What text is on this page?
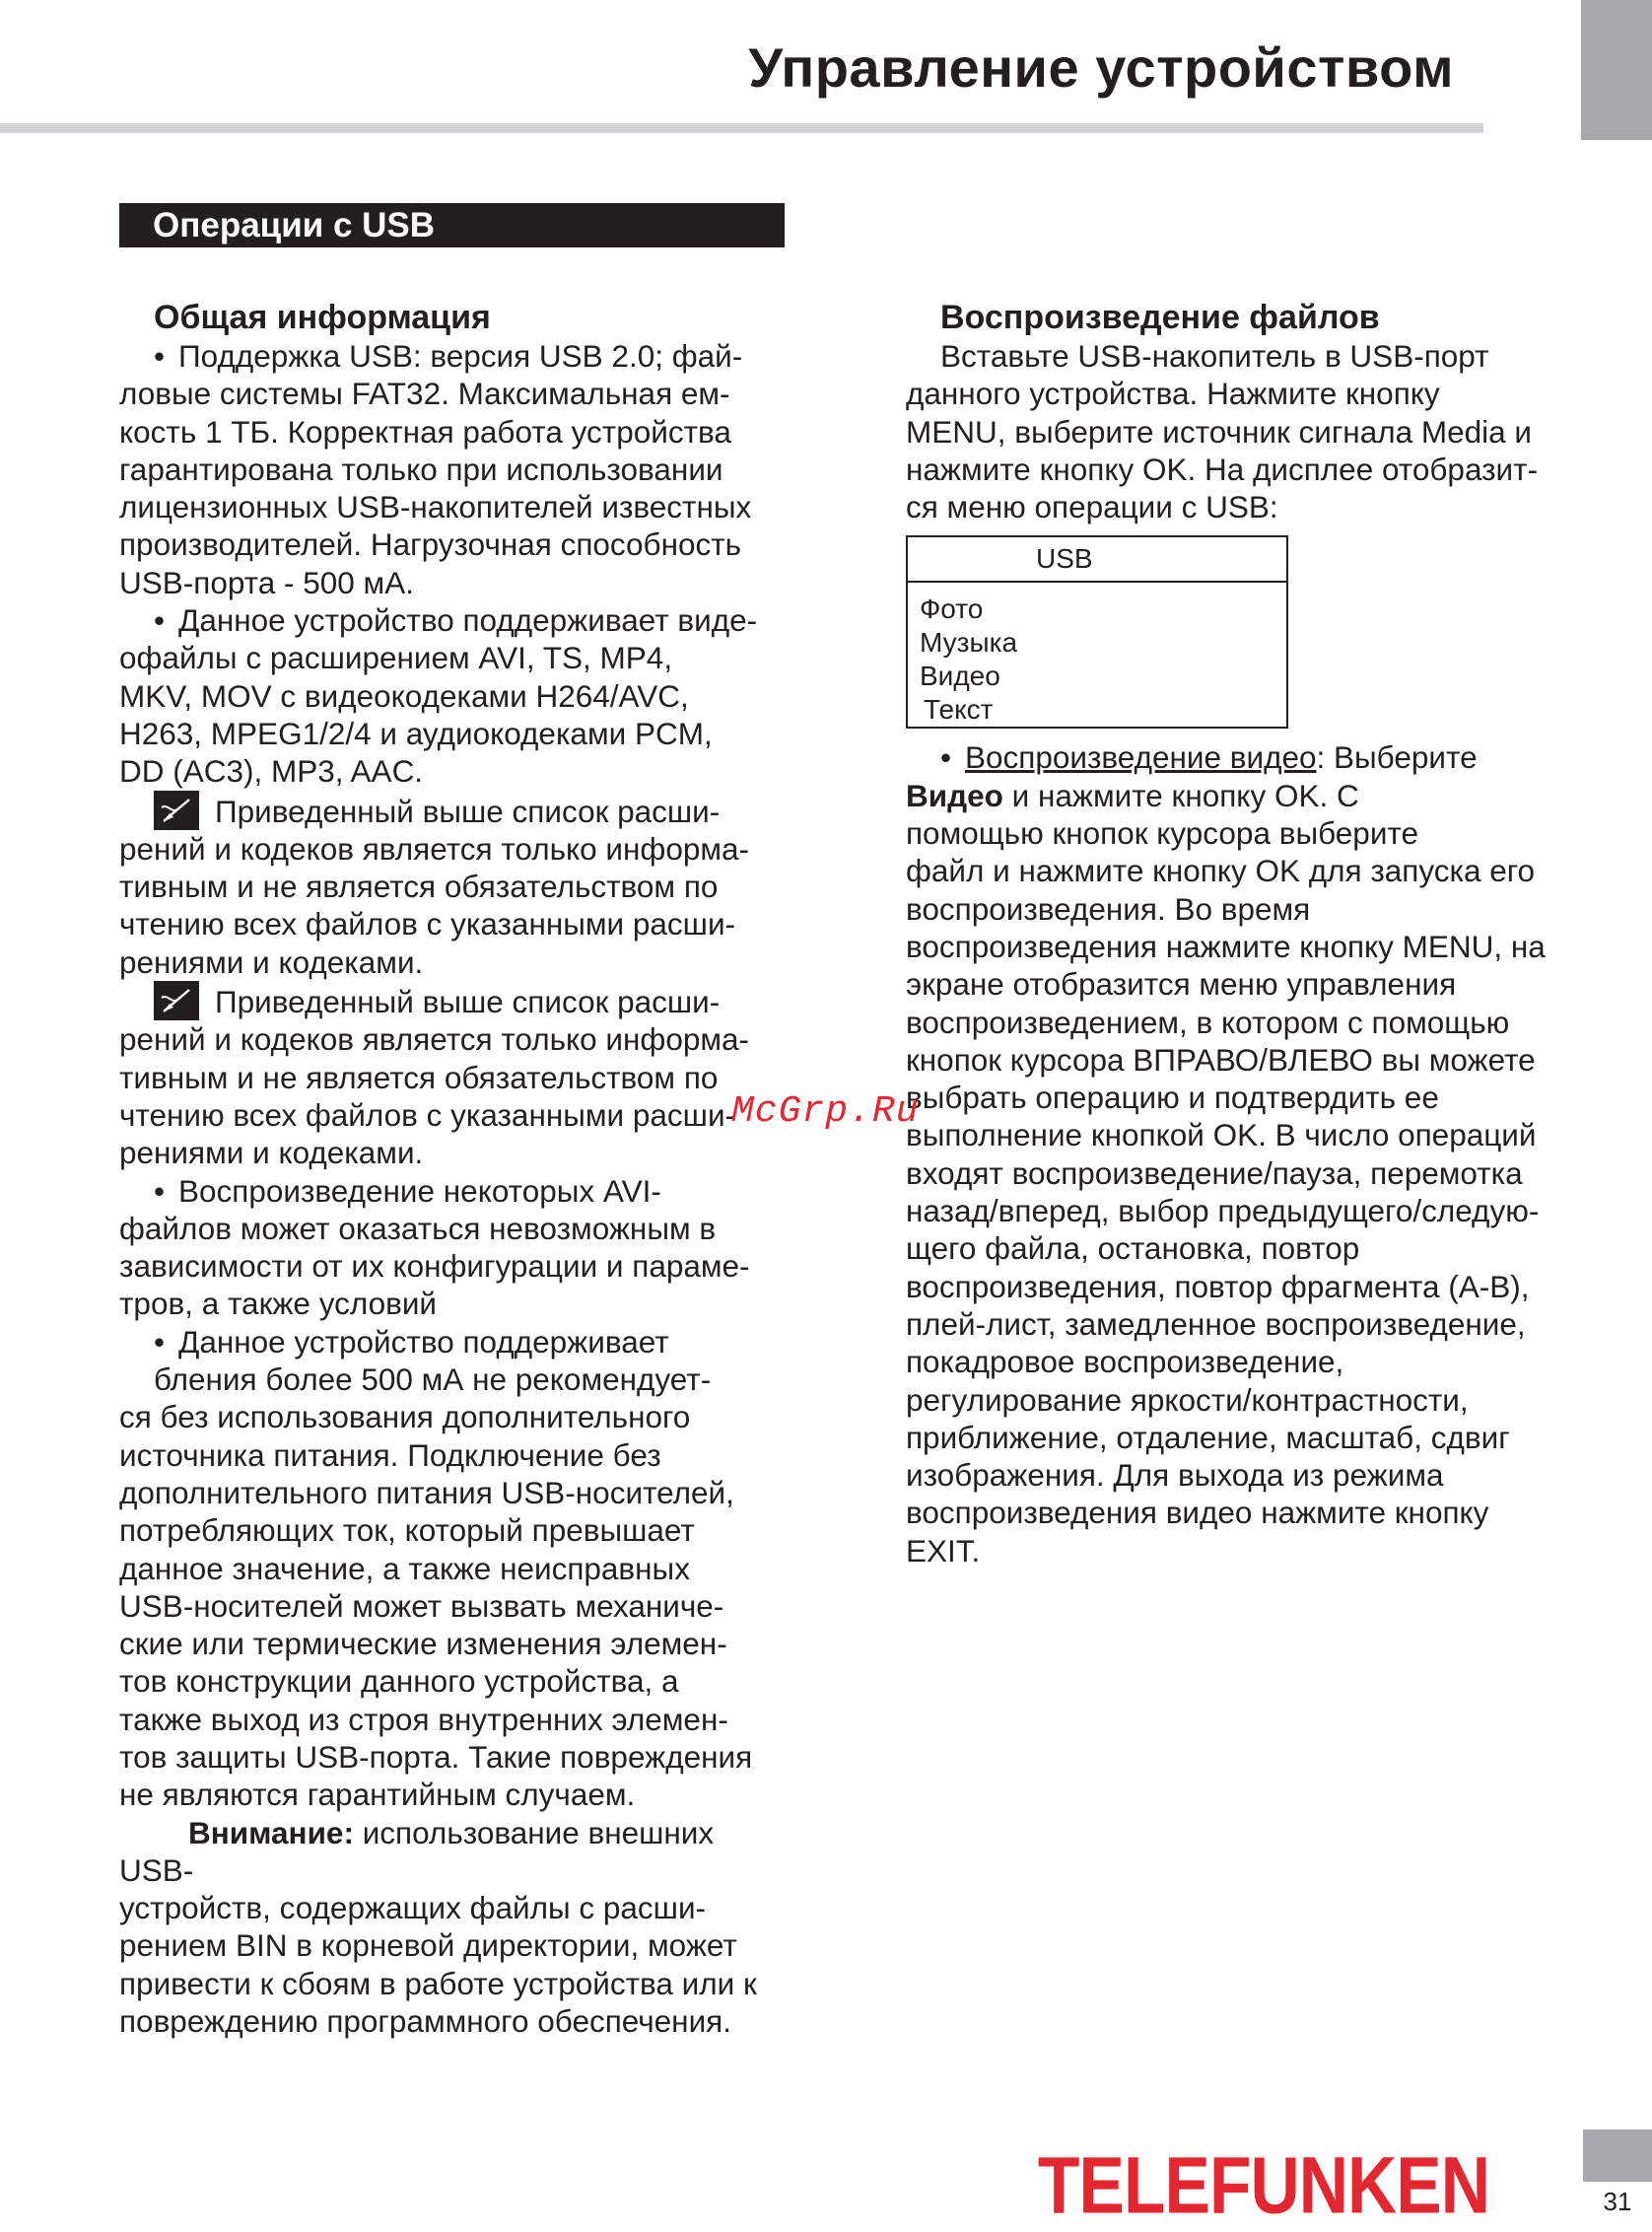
Управление устройством
Операции с USB
Общая информация

• Поддержка USB: версия USB 2.0; фай-

ловые системы FAT32. Максимальная ем-

кость 1 ТБ. Корректная работа устройства

гарантирована только при использовании

лицензионных USB-накопителей известных

производителей. Нагрузочная способность

USB-порта - 500 мА.

• Данное устройство поддерживает виде-

офайлы с расширением AVI, TS, MP4,

MKV, MOV с видеокодеками H264/AVC,

H263, MPEG1/2/4 и аудиокодеками PCM,

DD (AC3), MP3, AAC.

Приведенный выше список расши-

рений и кодеков является только информа-

тивным и не является обязательством по

чтению всех файлов с указанными расши-

рениями и кодеками.

Приведенный выше список расши-

рений и кодеков является только информа-

тивным и не является обязательством по

чтению всех файлов с указанными расши-

рениями и кодеками.

• Воспроизведение некоторых AVI-

файлов может оказаться невозможным в

зависимости от их конфигурации и параме-

тров, а также условий

• Данное устройство поддерживает

бления более 500 мА не рекомендует-

ся без использования дополнительного

источника питания. Подключение без

дополнительного питания USB-носителей,

потребляющих ток, который превышает

данное значение, а также неисправных

USB-носителей может вызвать механиче-

ские или термические изменения элемен-

тов конструкции данного устройства, а

также выход из строя внутренних элемен-

тов защиты USB-порта. Такие повреждения

не являются гарантийным случаем.

Внимание: использование внешних USB-

устройств, содержащих файлы с расши-

рением BIN в корневой директории, может

привести к сбоям в работе устройства или к

повреждению программного обеспечения.

Воспроизведение файлов

Вставьте USB-накопитель в USB-порт

данного устройства. Нажмите кнопку

MENU, выберите источник сигнала Media и

нажмите кнопку OK. На дисплее отобразит-

ся меню операции с USB:

USB
Фото
Музыка
Видео
Текст

• Воспроизведение видео: Выберите

Видео и нажмите кнопку OK. С

помощью кнопок курсора выберите

файл и нажмите кнопку OK для запуска его

воспроизведения. Во время

воспроизведения нажмите кнопку MENU, на

экране отобразится меню управления

воспроизведением, в котором с помощью

кнопок курсора ВПРАВО/ВЛЕВО вы можете

выбрать операцию и подтвердить ее

выполнение кнопкой OK. В число операций

входят воспроизведение/пауза, перемотка

назад/вперед, выбор предыдущего/следую-

щего файла, остановка, повтор

воспроизведения, повтор фрагмента (A-B),

плей-лист, замедленное воспроизведение,

покадровое воспроизведение,

регулирование яркости/контрастности,

приближение, отдаление, масштаб, сдвиг

изображения. Для выхода из режима

воспроизведения видео нажмите кнопку

EXIT.

McGrp.Ru
TELEFUNKEN	31
